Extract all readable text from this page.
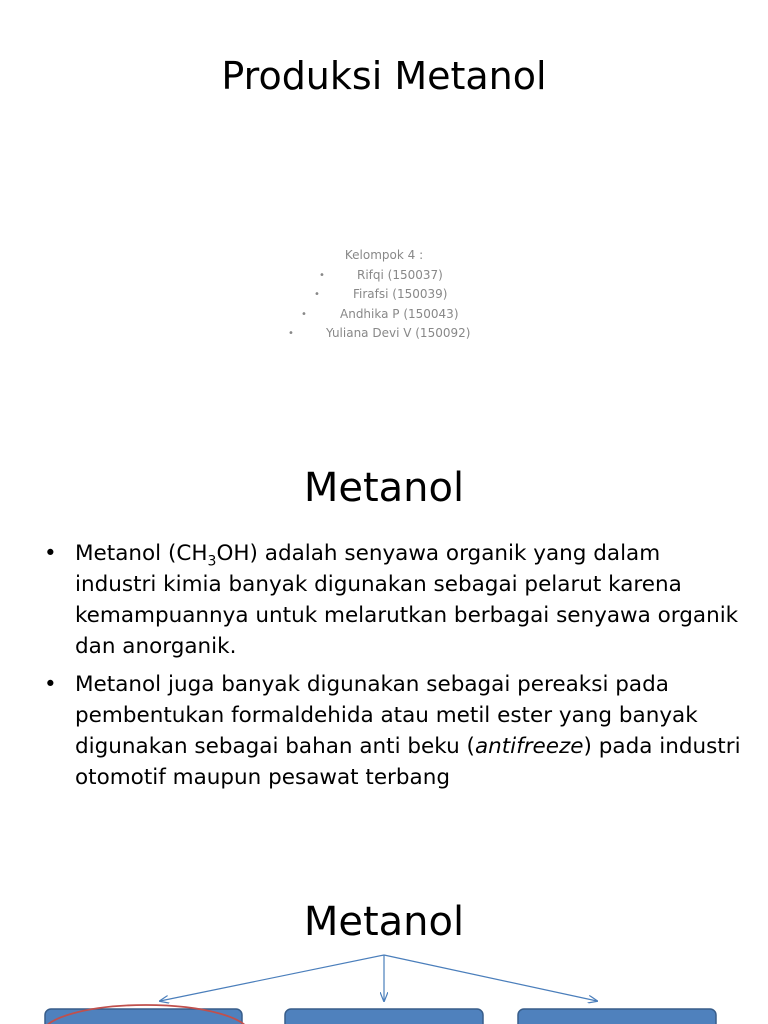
Produksi Metanol
Kelompok 4 :
•	Rifqi (150037)
•	Firafsi (150039)
•	Andhika P (150043)
•	Yuliana Devi V (150092)
Metanol
• Metanol $(CH_3OH)$ adalah senyawa organik yang dalam industri kimia banyak digunakan sebagai pelarut karena kemampuannya untuk melarutkan berbagai senyawa organik dan anorganik.
• Metanol juga banyak digunakan sebagai pereaksi pada pembentukan formaldehida atau metil ester yang banyak digunakan sebagai bahan anti beku (antifreeze) pada industri otomotif maupun pesawat terbang
Metanol
